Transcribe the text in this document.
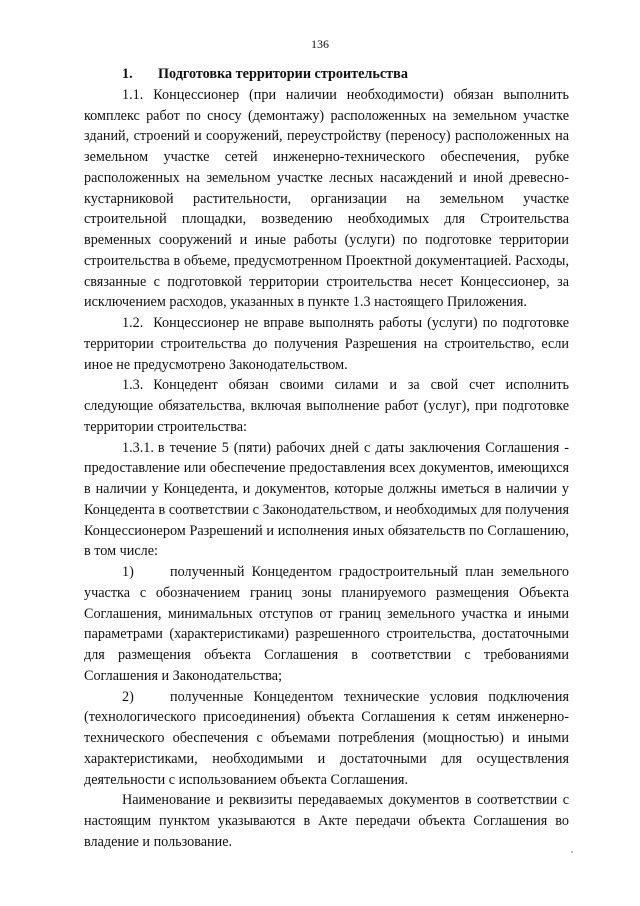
136

1. Подготовка территории строительства

1.1. Концессионер (при наличии необходимости) обязан выполнить комплекс работ по сносу (демонтажу) расположенных на земельном участке зданий, строений и сооружений, переустройству (переносу) расположенных на земельном участке сетей инженерно-технического обеспечения, рубке расположенных на земельном участке лесных насаждений и иной древесно-кустарниковой растительности, организации на земельном участке строительной площадки, возведению необходимых для Строительства временных сооружений и иные работы (услуги) по подготовке территории строительства в объеме, предусмотренном Проектной документацией. Расходы, связанные с подготовкой территории строительства несет Концессионер, за исключением расходов, указанных в пункте 1.3 настоящего Приложения.

1.2. Концессионер не вправе выполнять работы (услуги) по подготовке территории строительства до получения Разрешения на строительство, если иное не предусмотрено Законодательством.

1.3. Концедент обязан своими силами и за свой счет исполнить следующие обязательства, включая выполнение работ (услуг), при подготовке территории строительства:

1.3.1. в течение 5 (пяти) рабочих дней с даты заключения Соглашения - предоставление или обеспечение предоставления всех документов, имеющихся в наличии у Концедента, и документов, которые должны иметься в наличии у Концедента в соответствии с Законодательством, и необходимых для получения Концессионером Разрешений и исполнения иных обязательств по Соглашению, в том числе:

1)	полученный Концедентом градостроительный план земельного участка с обозначением границ зоны планируемого размещения Объекта Соглашения, минимальных отступов от границ земельного участка и иными параметрами (характеристиками) разрешенного строительства, достаточными для размещения объекта Соглашения в соответствии с требованиями Соглашения и Законодательства;

2)	полученные Концедентом технические условия подключения (технологического присоединения) объекта Соглашения к сетям инженерно-технического обеспечения с объемами потребления (мощностью) и иными характеристиками, необходимыми и достаточными для осуществления деятельности с использованием объекта Соглашения.

Наименование и реквизиты передаваемых документов в соответствии с настоящим пунктом указываются в Акте передачи объекта Соглашения во владение и пользование.
